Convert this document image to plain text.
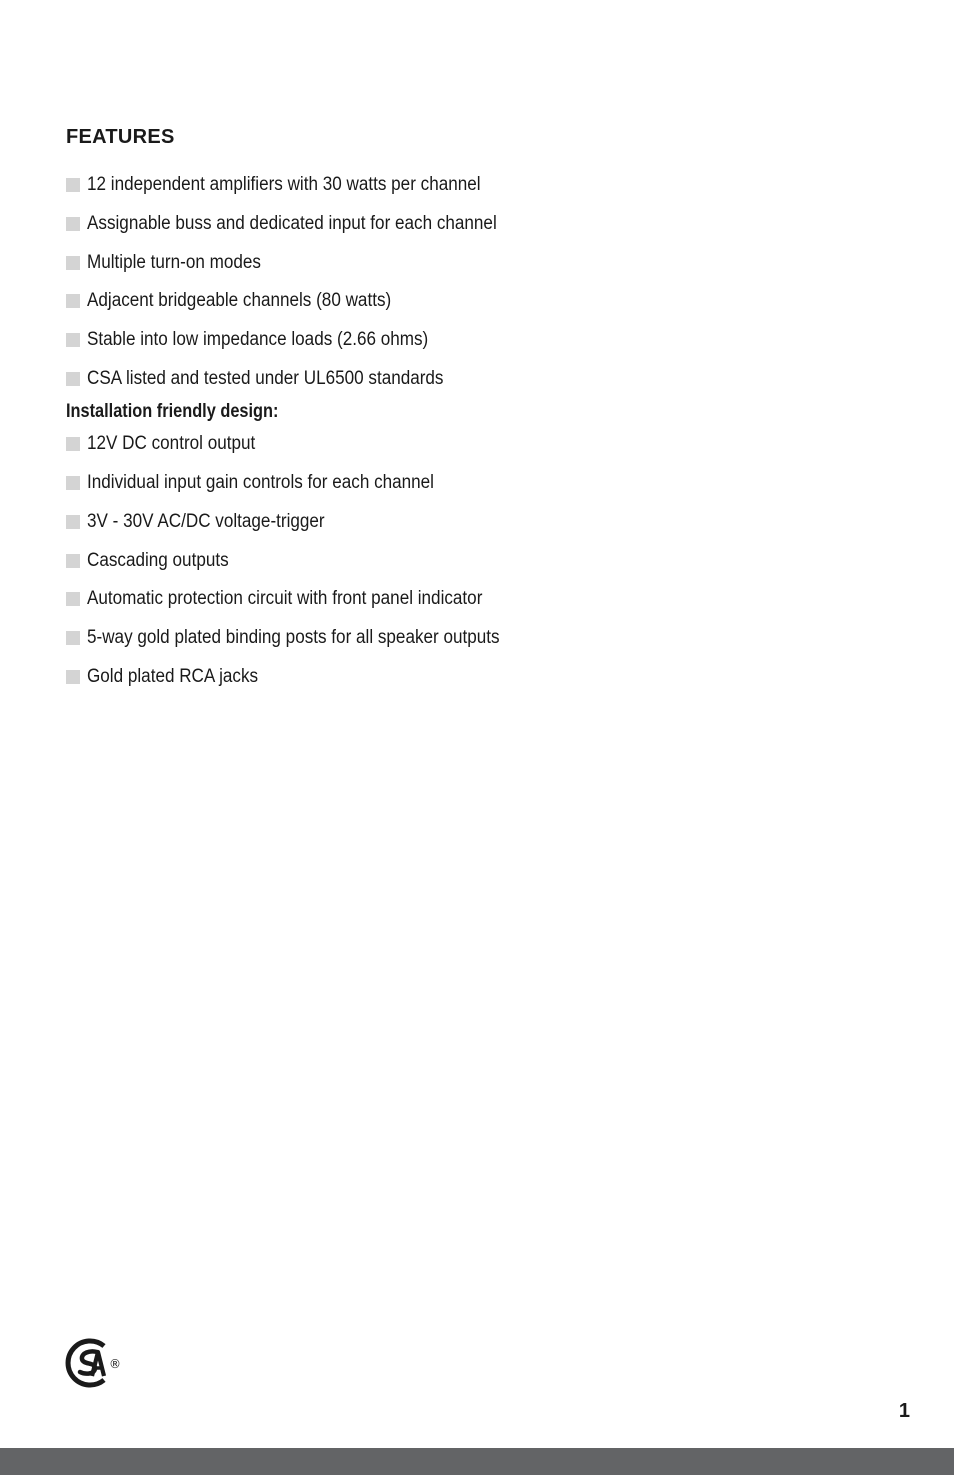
FEATURES
12 independent amplifiers with 30 watts per channel
Assignable buss and dedicated input for each channel
Multiple turn-on modes
Adjacent bridgeable channels (80 watts)
Stable into low impedance loads (2.66 ohms)
CSA listed and tested under UL6500 standards
Installation friendly design:
12V DC control output
Individual input gain controls for each channel
3V - 30V AC/DC voltage-trigger
Cascading outputs
Automatic protection circuit with front panel indicator
5-way gold plated binding posts for all speaker outputs
Gold plated RCA jacks
®
1
